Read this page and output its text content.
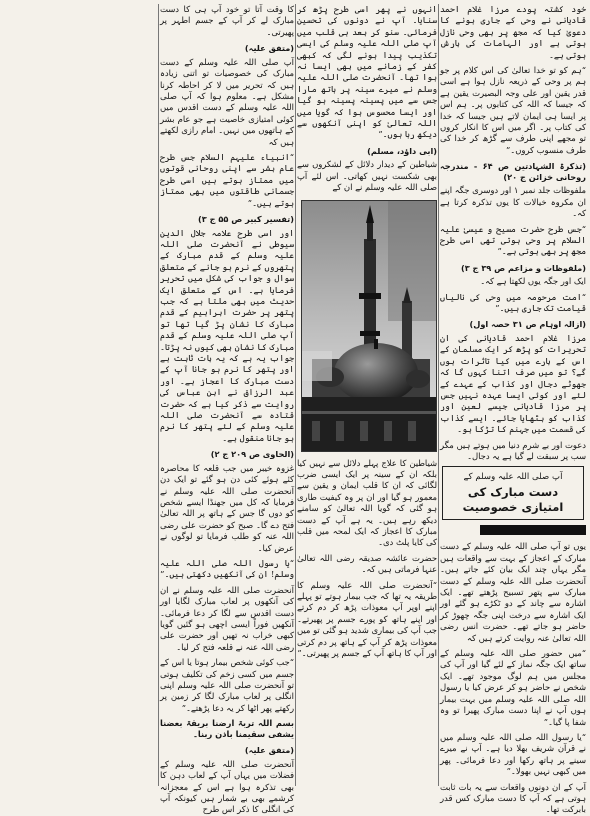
خود کشتہ پودے مرزا غلام احمد قادیانی نے وحی کے جاری ہونے کا دعویٰ کیا کہ مجھ پر بھی وحی نازل ہوتی ہے اور الہامات کی بارش ہوتی ہے۔

“ہم کو تو خدا تعالیٰ کی اس کلام پر جو ہم پر وحی کے ذریعہ نازل ہوا ہے اسی قدر یقین اور علی وجہ البصیرت یقین ہے کہ جیسا کہ اللہ کی کتابوں پر۔ ہم اس پر ایسا ہی ایمان لاتے ہیں جیسا کہ خدا کی کتاب پر۔ اگر میں اس کا انکار کروں تو مجھے اپنی طرف سے گڑھ کر خدا کی طرف منسوب کروں۔”

(تذکرۃ الشہادتین ص ۶۴ - مندرجہ روحانی خزائن ج ۲۰)

ملفوظات جلد نمبر ۱ اور دوسری جگہ اپنے ان مکروہ خیالات کا یوں تذکرہ کرتا ہے کہ۔

“جس طرح حضرت مسیح و عیسیٰ علیہ السلام پر وحی ہوتی تھی اسی طرح مجھ پر بھی ہوتی ہے۔”

(ملفوظات و مزاعم ص ۳۹ ج ۳)

ایک اور جگہ یوں لکھتا ہے کہ۔

“امت مرحومہ میں وحی کی نالیاں قیامت تک جاری ہیں۔”

(ازالہ اوہام ص ۳۱ حصہ اول)

مرزا غلام احمد قادیانی کی ان تحریرات کو پڑھ کر ایک مسلمان کے اس کے بارے میں کیا تاثرات ہوں گے؟ تو میں صرف اتنا کہوں گا کہ جھوٹے دجال اور کذاب کے عہدے کے لئے اور کوئی ایسا عہدہ نہیں جس پر مرزا قادیانی جیسے لعین اور کذاب کو بٹھایا جائے۔ ایسے کذاب کی قسمت میں جہنم کا تڑکا ہو۔

دعوت اور بے شرم دنیا میں ہوتے ہیں مگر سب پر سبقت لے گیا ہے یہ دجال۔

آپ صلی اللہ علیہ وسلم کے
دست مبارک کی امتیازی خصوصیت

یوں تو آپ صلی اللہ علیہ وسلم کے دست مبارک کے اعجاز کے بہت سے واقعات ہیں مگر یہاں چند ایک بیان کئے جاتے ہیں۔ آنحضرت صلی اللہ علیہ وسلم کے دست مبارک سے پتھر تسبیح پڑھتے تھے۔ ایک اشارہ سے چاند کے دو ٹکڑے ہو گئے اور ایک اشارہ سے درخت اپنی جگہ چھوڑ کر حاضر ہو جاتے تھے۔ حضرت انس رضی اللہ تعالیٰ عنہ روایت کرتے ہیں کہ

“میں حضور صلی اللہ علیہ وسلم کے ساتھ ایک جگہ نماز کے لئے گیا اور آپ کی مجلس میں ہم لوگ موجود تھے۔ ایک شخص نے حاضر ہو کر عرض کیا یا رسول اللہ صلی اللہ علیہ وسلم میں بہت بیمار ہوں آپ نے اپنا دست مبارک پھیرا تو وہ شفا پا گیا۔”

“یا رسول اللہ صلی اللہ علیہ وسلم میں نے قرآن شریف بھلا دیا ہے۔ آپ نے میرے سینے پر ہاتھ رکھا اور دعا فرمائی۔ پھر میں کبھی نہیں بھولا۔”

آپ کے ان دونوں واقعات سے یہ بات ثابت ہوتی ہے کہ آپ کا دست مبارک کس قدر بابرکت تھا۔

انہوں نے پھر اسی طرح پڑھ کر سنایا۔ آپ نے دونوں کی تحسین فرمائی۔ سنو کر بعد ہی قلب میں آپ صلی اللہ علیہ وسلم کی ایسی تکذیب پیدا ہونے لگی کہ کبھی کفر کے زمانے میں بھی ایسا نہ ہوا تھا۔ آنحضرت صلی اللہ علیہ وسلم نے میرے سینہ پر ہاتھ مارا جس سے میں پسینہ پسینہ ہو گیا اور ایسا محسوس ہوا کہ گویا میں اللہ تعالیٰ کو اپنی آنکھوں سے دیکھ رہا ہوں۔”

(ابی داؤد، مسلم)

شیاطین کے دیدار دلائل کے لشکروں سے بھی شکست نہیں کھاتی۔ اس لئے آپ صلی اللہ علیہ وسلم نے ان کے

شیاطین کا علاج پہلے دلائل سے نہیں کیا بلکہ ان کے سینہ پر ایک ایسی ضرب لگائی کہ ان کا قلب ایمان و یقین سے معمور ہو گیا اور ان پر وہ کیفیت طاری ہو گئی کہ گویا اللہ تعالیٰ کو سامنے دیکھ رہے ہیں۔ یہ ہے آپ کے دست مبارک کا اعجاز کہ ایک لمحہ میں قلب کی کایا پلٹ دی۔

حضرت عائشہ صدیقہ رضی اللہ تعالیٰ عنہا فرماتی ہیں کہ۔

“آنحضرت صلی اللہ علیہ وسلم کا طریقہ یہ تھا کہ جب بیمار ہوتے تو پہلے اپنے اوپر آپ معوذات پڑھ کر دم کرتے اور اپنے ہاتھ کو پورے جسم پر پھیرتے۔ جب آپ کی بیماری شدید ہو گئی تو میں معوذات پڑھ کر آپ کے ہاتھ پر دم کرتی اور آپ کا ہاتھ آپ کے جسم پر پھیرتی۔”

کا وقت آتا تو خود آپ ہی کا دست مبارک لے کر آپ کے جسم اطہر پر پھیرتی۔

(متفق علیہ)

آپ صلی اللہ علیہ وسلم کے دست مبارک کی خصوصیات تو اتنی زیادہ ہیں کہ تحریر میں لا کر احاطہ کرنا مشکل ہے۔ معلوم ہوا کہ آپ صلی اللہ علیہ وسلم کے دست اقدس میں کوئی امتیازی خاصیت ہے جو عام بشر کے ہاتھوں میں نہیں۔ امام رازی لکھتے ہیں کہ

“انبیاء علیہم السلام جس طرح عام بشر سے اپنی روحانی قوتوں میں ممتاز ہوتے ہیں اسی طرح جسمانی طاقتوں میں بھی ممتاز ہوتے ہیں۔”

(تفسیر کبیر ص ۵۵ ج ۳)

اور اسی طرح علامہ جلال الدین سیوطی نے آنحضرت صلی اللہ علیہ وسلم کے قدم مبارک کے پتھروں کے نرم ہو جانے کے متعلق سوال و جواب کی شکل میں تحریر فرمایا ہے۔ اس کے متعلق ایک حدیث میں بھی ملتا ہے کہ جب پتھر پر حضرت ابراہیم کے قدم مبارک کا نشان پڑ گیا تھا تو آپ صلی اللہ علیہ وسلم کے قدم مبارک کا نشان بھی کیوں نہ پڑتا۔ جواب یہ ہے کہ یہ بات ثابت ہے اور پتھر کا نرم ہو جانا آپ کے دست مبارک کا اعجاز ہے۔ اور عبد الرزاق نے ابن عباس کی روایت سے ذکر کیا ہے کہ حضرت قتادہ سے آنحضرت صلی اللہ علیہ وسلم کے لئے پتھر کا نرم ہو جانا منقول ہے۔

(الحاوی ص ۲۰۹ ج ۲)

غزوہ خیبر میں جب قلعہ کا محاصرہ کئے ہوئے کئی دن ہو گئے تو ایک دن آنحضرت صلی اللہ علیہ وسلم نے فرمایا کہ کل میں جھنڈا ایسے شخص کو دوں گا جس کے ہاتھ پر اللہ تعالیٰ فتح دے گا۔ صبح کو حضرت علی رضی اللہ عنہ کو طلب فرمایا تو لوگوں نے عرض کیا۔

“یا رسول اللہ صلی اللہ علیہ وسلم! ان کی آنکھیں دکھتی ہیں۔”

آنحضرت صلی اللہ علیہ وسلم نے ان کی آنکھوں پر لعاب مبارک لگایا اور دست اقدس سے لگا کر دعا فرمائی۔ آنکھیں فوراً ایسی اچھی ہو گئیں گویا کبھی خراب نہ تھیں اور حضرت علی رضی اللہ عنہ نے قلعہ فتح کر لیا۔

“جب کوئی شخص بیمار ہوتا یا اس کے جسم میں کسی زخم کی تکلیف ہوتی تو آنحضرت صلی اللہ علیہ وسلم اپنی انگلی پر لعاب مبارک لگا کر زمین پر رکھتے پھر اٹھا کر یہ دعا پڑھتے۔”

بسم اللہ تربۃ ارضنا بریقۃ بعضنا یشفی سقیمنا باذن ربنا۔
(متفق علیہ)

آنحضرت صلی اللہ علیہ وسلم کے فضلات میں یہاں آپ کے لعاب دہن کا بھی تذکرہ ہوا ہے اس کے معجزانہ کرشمے بھی بے شمار ہیں کیونکہ آپ کی انگلی کا ذکر اس طرح
